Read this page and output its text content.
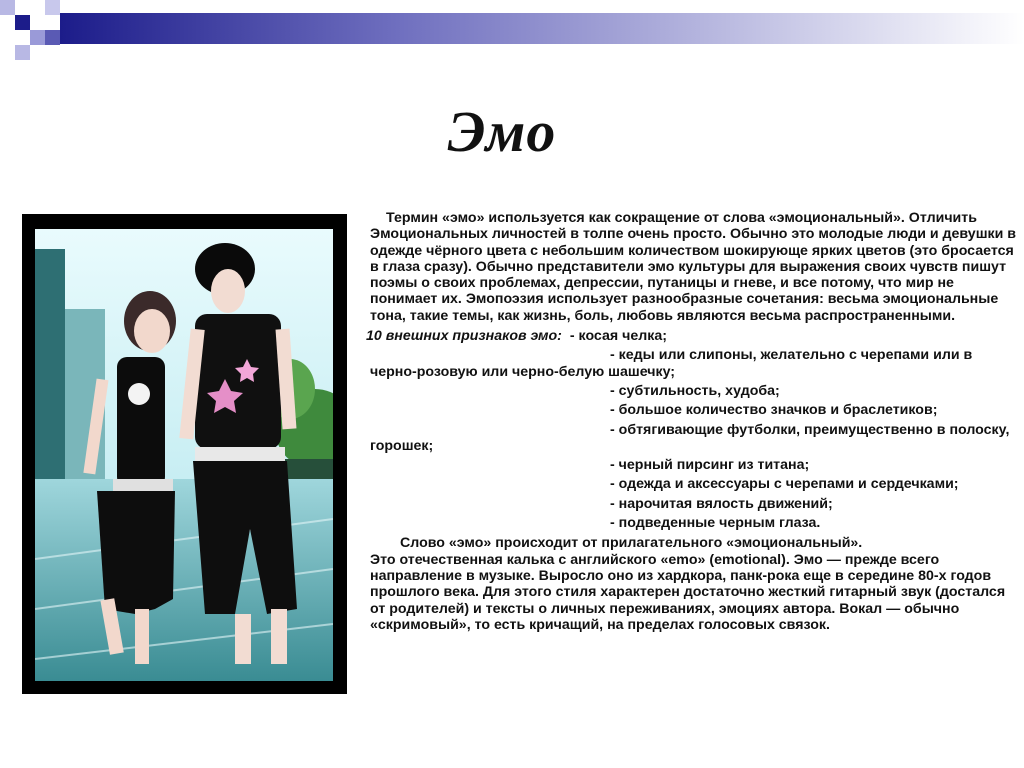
Эмо

Термин «эмо» используется как сокращение от слова «эмоциональный». Отличить Эмоциональных личностей в толпе очень просто. Обычно это молодые люди и девушки в одежде чёрного цвета с небольшим количеством шокирующе ярких цветов (это бросается в глаза сразу). Обычно представители эмо культуры для выражения своих чувств пишут поэмы о своих проблемах, депрессии, путаницы и гневе, и все потому, что мир не понимает их. Эмопоэзия использует разнообразные сочетания: весьма эмоциональные тона, такие темы, как жизнь, боль, любовь являются весьма распространенными.

10 внешних признаков эмо: - косая челка;

- кеды или слипоны, желательно с черепами или в черно-розовую или черно-белую шашечку;

- субтильность, худоба;

- большое количество значков и браслетиков;

- обтягивающие футболки, преимущественно в полоску, горошек;

- черный пирсинг из титана;

- одежда и аксессуары с черепами и сердечками;

- нарочитая вялость движений;

- подведенные черным глаза.

Слово «эмо» происходит от прилагательного «эмоциональный».
Это отечественная калька с английского «emo» (emotional). Эмо — прежде всего направление в музыке. Выросло оно из хардкора, панк-рока еще в середине 80-х годов прошлого века. Для этого стиля характерен достаточно жесткий гитарный звук (достался от родителей) и тексты о личных переживаниях, эмоциях автора. Вокал — обычно «скримовый», то есть кричащий, на пределах голосовых связок.
